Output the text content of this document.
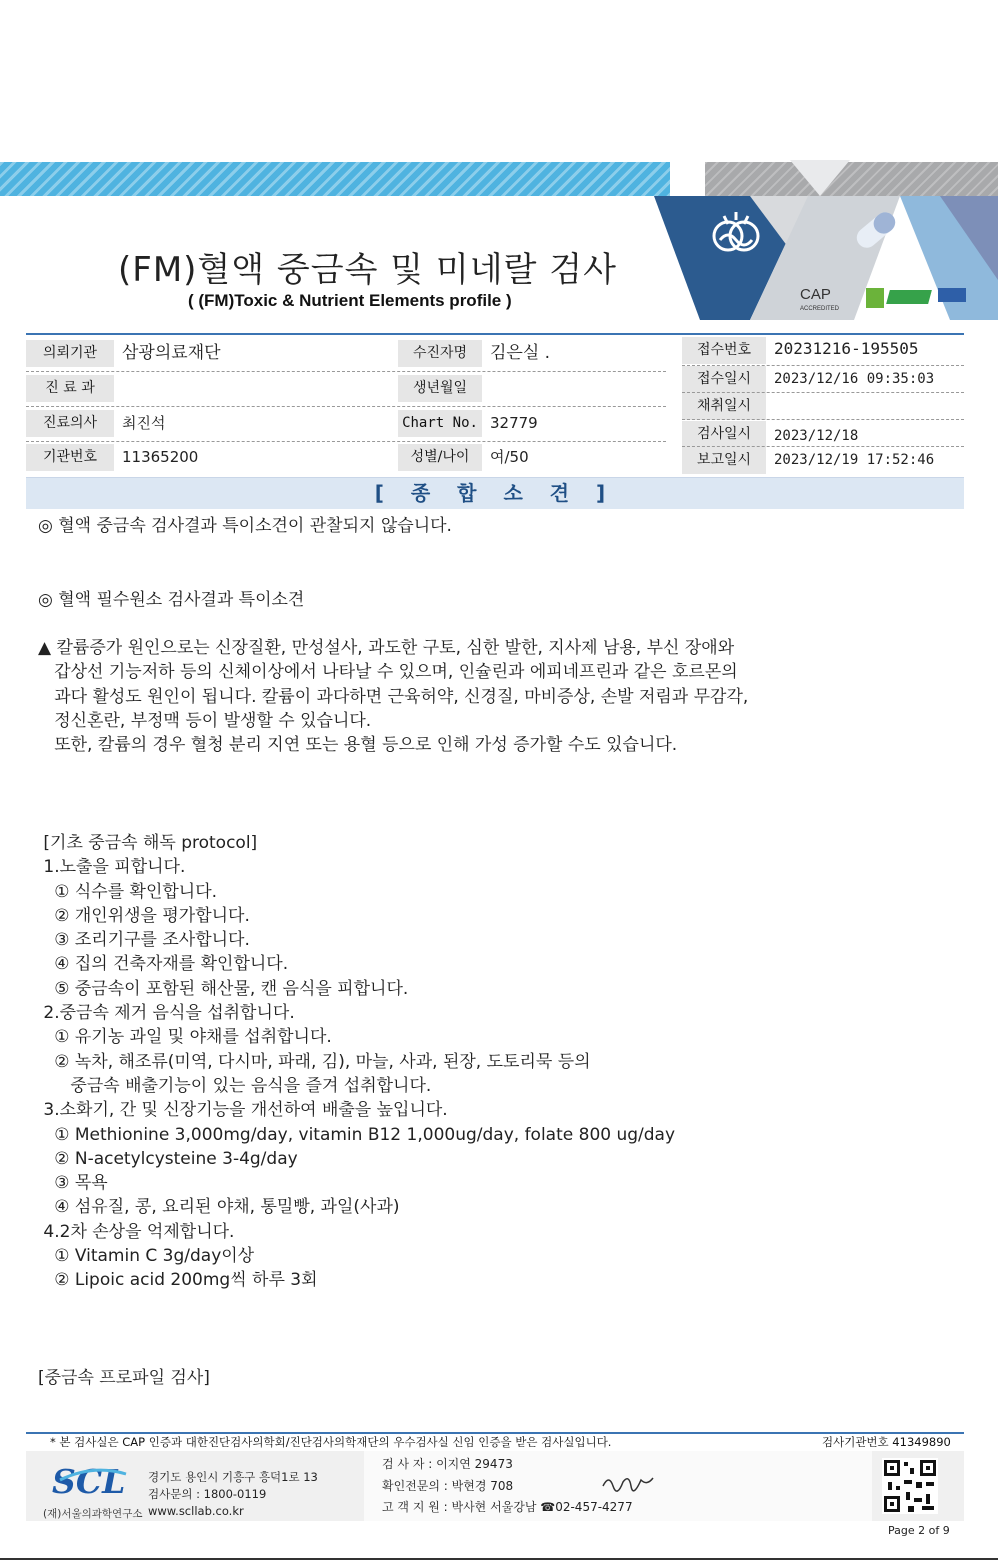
CAP
$^{ACCREDITED}$
(FM)혈액 중금속 및 미네랄 검사
( (FM)Toxic & Nutrient Elements profile )
의뢰기관	삼광의료재단
진 료 과
진료의사	최진석
기관번호	11365200
수진자명	김은실 .
생년월일
Chart No. 32779
성별/나이	여/50
접수번호	20231216-195505
접수일시	2023/12/16 09:35:03
채취일시
검사일시	2023/12/18
보고일시	2023/12/19 17:52:46
[ 종 합 소 견 ]
◎ 혈액 중금속 검사결과 특이소견이 관찰되지 않습니다.
◎ 혈액 필수원소 검사결과 특이소견
▲ 칼륨증가 원인으로는 신장질환, 만성설사, 과도한 구토, 심한 발한, 지사제 남용, 부신 장애와
갑상선 기능저하 등의 신체이상에서 나타날 수 있으며, 인슐린과 에피네프린과 같은 호르몬의
과다 활성도 원인이 됩니다. 칼륨이 과다하면 근육허약, 신경질, 마비증상, 손발 저림과 무감각,
정신혼란, 부정맥 등이 발생할 수 있습니다.
또한, 칼륨의 경우 혈청 분리 지연 또는 용혈 등으로 인해 가성 증가할 수도 있습니다.
[기초 중금속 해독 protocol]
1.노출을 피합니다.
① 식수를 확인합니다.
② 개인위생을 평가합니다.
③ 조리기구를 조사합니다.
④ 집의 건축자재를 확인합니다.
⑤ 중금속이 포함된 해산물, 캔 음식을 피합니다.
2.중금속 제거 음식을 섭취합니다.
① 유기농 과일 및 야채를 섭취합니다.
② 녹차, 해조류(미역, 다시마, 파래, 김), 마늘, 사과, 된장, 도토리묵 등의
중금속 배출기능이 있는 음식을 즐겨 섭취합니다.
3.소화기, 간 및 신장기능을 개선하여 배출을 높입니다.
① Methionine 3,000mg/day, vitamin B12 1,000ug/day, folate 800 ug/day
② N-acetylcysteine 3-4g/day
③ 목욕
④ 섬유질, 콩, 요리된 야채, 통밀빵, 과일(사과)
4.2차 손상을 억제합니다.
① Vitamin C 3g/day이상
② Lipoic acid 200mg씩 하루 3회
[중금속 프로파일 검사]
* 본 검사실은 CAP 인증과 대한진단검사의학회/진단검사의학재단의 우수검사실 신임 인증을 받은 검사실입니다.	검사기관번호 41349890
SCL
(재)서울의과학연구소
경기도 용인시 기흥구 흥덕1로 13
검사문의 : 1800-0119
www.scllab.co.kr
검 사 자 : 이지연 29473
확인전문의 : 박현경 708
고 객 지 원 : 박사현 서울강남 ☎02-457-4277
Page 2 of 9
